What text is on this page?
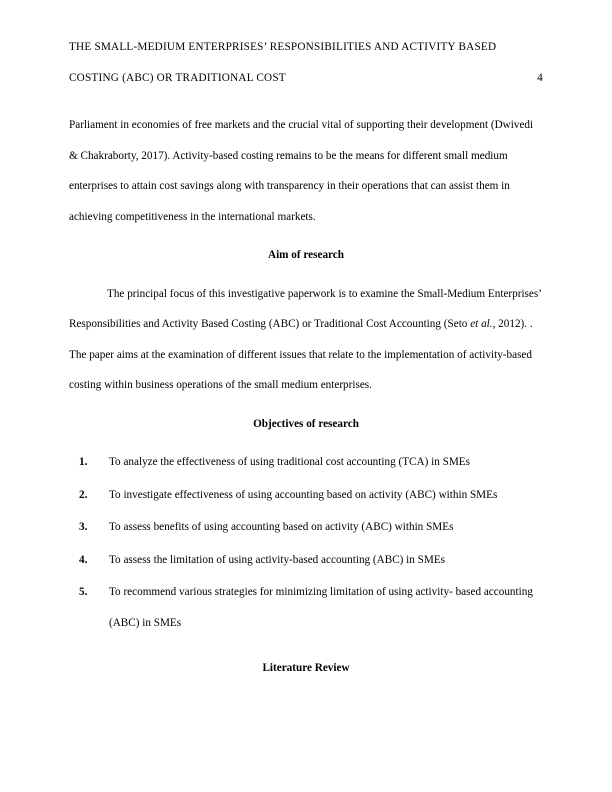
THE SMALL-MEDIUM ENTERPRISES’ RESPONSIBILITIES AND ACTIVITY BASED
COSTING (ABC) OR TRADITIONAL COST	4

Parliament in economies of free markets and the crucial vital of supporting their development (Dwivedi & Chakraborty, 2017). Activity-based costing remains to be the means for different small medium enterprises to attain cost savings along with transparency in their operations that can assist them in achieving competitiveness in the international markets.

Aim of research

The principal focus of this investigative paperwork is to examine the Small-Medium Enterprises’ Responsibilities and Activity Based Costing (ABC) or Traditional Cost Accounting (Seto et al., 2012). . The paper aims at the examination of different issues that relate to the implementation of activity-based costing within business operations of the small medium enterprises.

Objectives of research
1. To analyze the effectiveness of using traditional cost accounting (TCA) in SMEs
2. To investigate effectiveness of using accounting based on activity (ABC) within SMEs
3. To assess benefits of using accounting based on activity (ABC) within SMEs
4. To assess the limitation of using activity-based accounting (ABC) in SMEs
5. To recommend various strategies for minimizing limitation of using activity- based accounting (ABC) in SMEs
Literature Review
